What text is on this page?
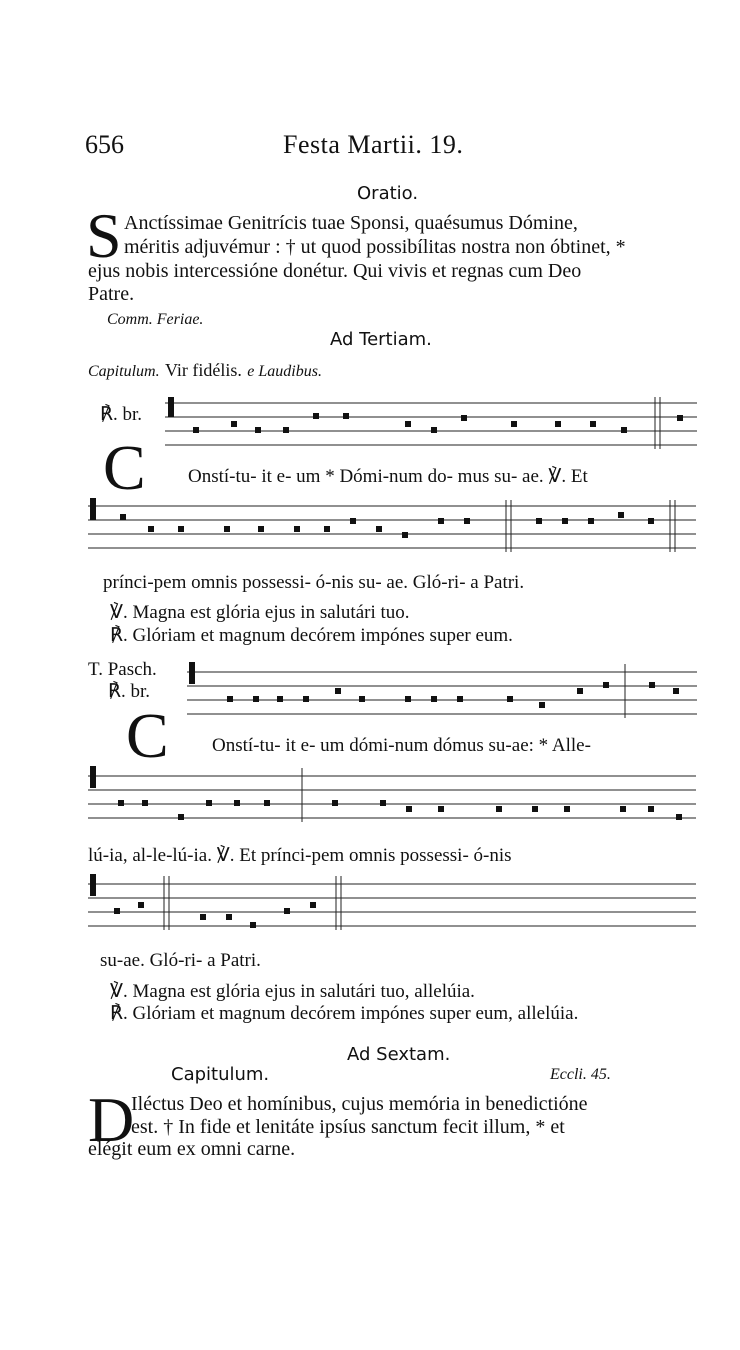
656	Festa Martii. 19.
Oratio.
S Anctíssimae Genitrícis tuae Sponsi, quaésumus Dómine,
méritis adjuvémur : † ut quod possibílitas nostra non óbtinet, *
ejus nobis intercessióne donétur. Qui vivis et regnas cum Deo
Patre.
Comm. Feriae.
Ad Tertiam.
Capitulum. Vir fidélis. e Laudibus.
℟. br.
C Onstí-tu- it e- um * Dómi-num do- mus su- ae. ℣. Et
prínci-pem omnis possessi- ó-nis su- ae. Gló-ri- a Patri.
℣. Magna est glória ejus in salutári tuo.
℟. Glóriam et magnum decórem impónes super eum.
T. Pasch.
℟. br.
C Onstí-tu- it e- um dómi-num dómus su-ae: * Alle-
lú-ia, al-le-lú-ia. ℣. Et prínci-pem omnis possessi- ó-nis
su-ae. Gló-ri- a Patri.
℣. Magna est glória ejus in salutári tuo, allelúia.
℟. Glóriam et magnum decórem impónes super eum, allelúia.
Ad Sextam.
Capitulum.	Eccli. 45.
D
Iléctus Deo et homínibus, cujus memória in benedictióne
est. † In fide et lenitáte ipsíus sanctum fecit illum, * et
elégit eum ex omni carne.
